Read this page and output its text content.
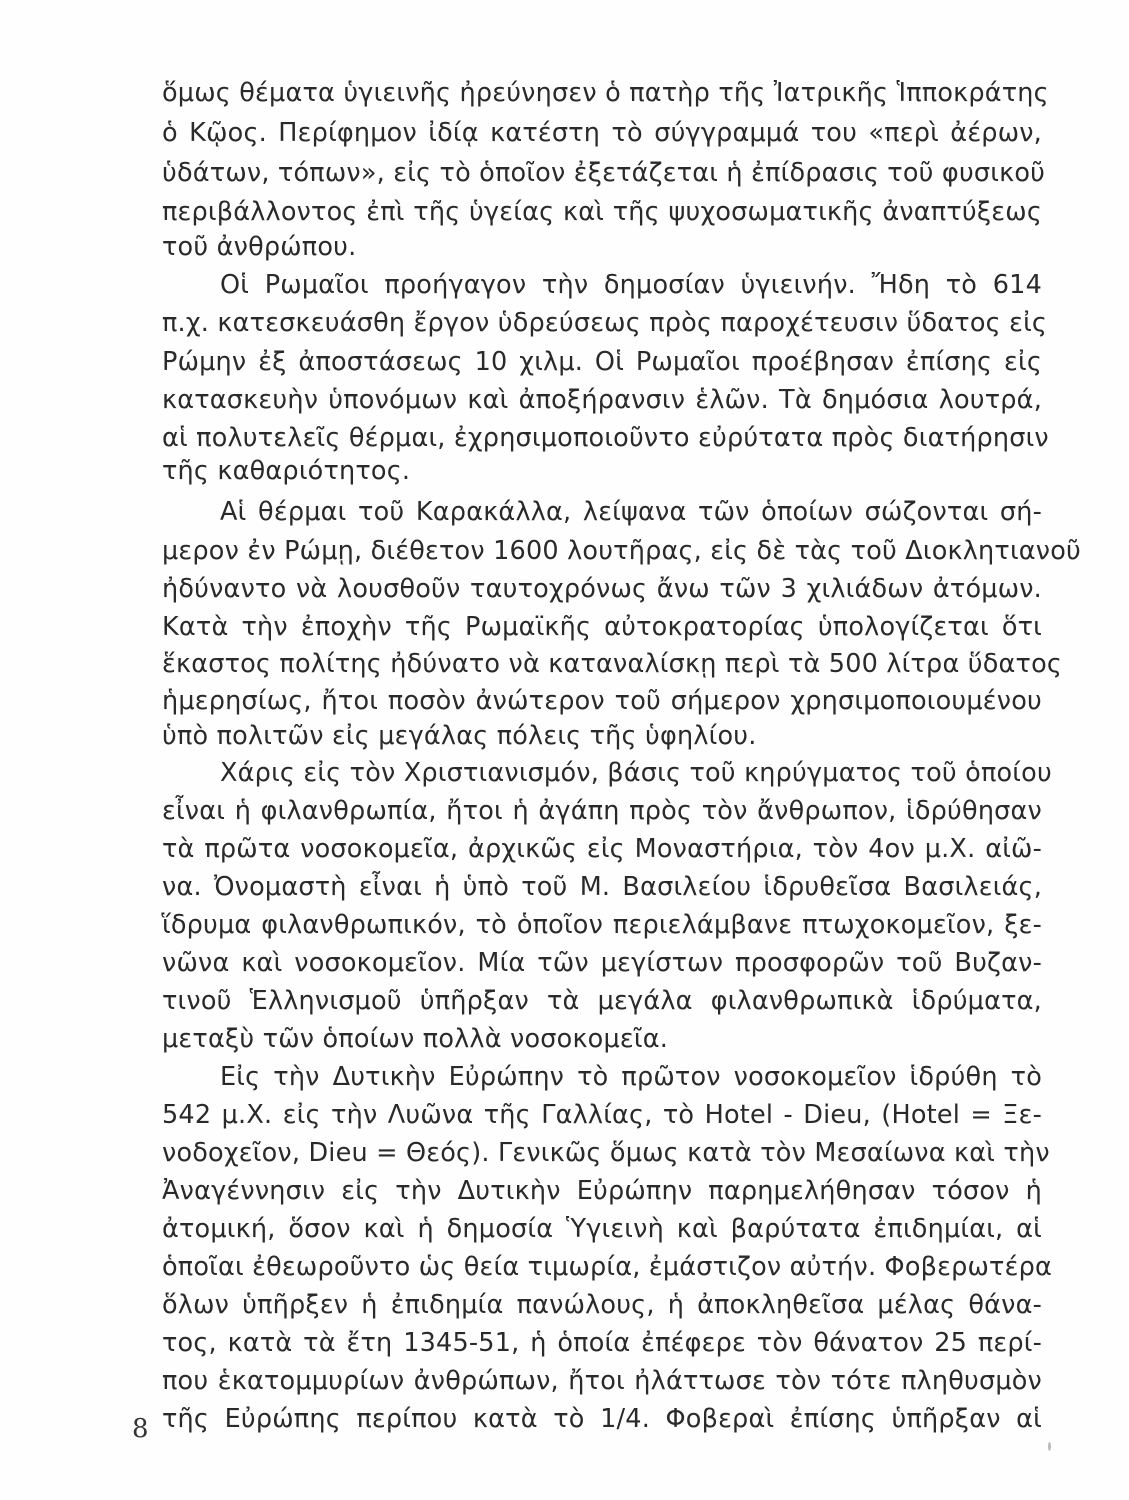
ὅμως θέματα ὑγιεινῆς ἠρεύνησεν ὁ πατὴρ τῆς Ἰατρικῆς Ἱπποκράτης
ὁ Κῷος. Περίφημον ἰδίᾳ κατέστη τὸ σύγγραμμά του «περὶ ἀέρων,
ὑδάτων, τόπων», εἰς τὸ ὁποῖον ἐξετάζεται ἡ ἐπίδρασις τοῦ φυσικοῦ
περιβάλλοντος ἐπὶ τῆς ὑγείας καὶ τῆς ψυχοσωματικῆς ἀναπτύξεως
τοῦ ἀνθρώπου.
Οἱ Ρωμαῖοι προήγαγον τὴν δημοσίαν ὑγιεινήν. Ἤδη τὸ 614
π.χ. κατεσκευάσθη ἔργον ὑδρεύσεως πρὸς παροχέτευσιν ὕδατος εἰς
Ρώμην ἐξ ἀποστάσεως 10 χιλμ. Οἱ Ρωμαῖοι προέβησαν ἐπίσης εἰς
κατασκευὴν ὑπονόμων καὶ ἀποξήρανσιν ἑλῶν. Τὰ δημόσια λουτρά,
αἱ πολυτελεῖς θέρμαι, ἐχρησιμοποιοῦντο εὐρύτατα πρὸς διατήρησιν
τῆς καθαριότητος.
Αἱ θέρμαι τοῦ Καρακάλλα, λείψανα τῶν ὁποίων σώζονται σή-
μερον ἐν Ρώμῃ, διέθετον 1600 λουτῆρας, εἰς δὲ τὰς τοῦ Διοκλητιανοῦ
ἠδύναντο νὰ λουσθοῦν ταυτοχρόνως ἄνω τῶν 3 χιλιάδων ἀτόμων.
Κατὰ τὴν ἐποχὴν τῆς Ρωμαϊκῆς αὐτοκρατορίας ὑπολογίζεται ὅτι
ἕκαστος πολίτης ἠδύνατο νὰ καταναλίσκῃ περὶ τὰ 500 λίτρα ὕδατος
ἡμερησίως, ἤτοι ποσὸν ἀνώτερον τοῦ σήμερον χρησιμοποιουμένου
ὑπὸ πολιτῶν εἰς μεγάλας πόλεις τῆς ὑφηλίου.
Χάρις εἰς τὸν Χριστιανισμόν, βάσις τοῦ κηρύγματος τοῦ ὁποίου
εἶναι ἡ φιλανθρωπία, ἤτοι ἡ ἀγάπη πρὸς τὸν ἄνθρωπον, ἱδρύθησαν
τὰ πρῶτα νοσοκομεῖα, ἀρχικῶς εἰς Μοναστήρια, τὸν 4ον μ.Χ. αἰῶ-
να. Ὀνομαστὴ εἶναι ἡ ὑπὸ τοῦ Μ. Βασιλείου ἱδρυθεῖσα Βασιλειάς,
ἵδρυμα φιλανθρωπικόν, τὸ ὁποῖον περιελάμβανε πτωχοκομεῖον, ξε-
νῶνα καὶ νοσοκομεῖον. Μία τῶν μεγίστων προσφορῶν τοῦ Βυζαν-
τινοῦ Ἑλληνισμοῦ ὑπῆρξαν τὰ μεγάλα φιλανθρωπικὰ ἱδρύματα,
μεταξὺ τῶν ὁποίων πολλὰ νοσοκομεῖα.
Εἰς τὴν Δυτικὴν Εὐρώπην τὸ πρῶτον νοσοκομεῖον ἱδρύθη τὸ
542 μ.Χ. εἰς τὴν Λυῶνα τῆς Γαλλίας, τὸ Hotel - Dieu, (Hotel = Ξε-
νοδοχεῖον, Dieu = Θεός). Γενικῶς ὅμως κατὰ τὸν Μεσαίωνα καὶ τὴν
Ἀναγέννησιν εἰς τὴν Δυτικὴν Εὐρώπην παρημελήθησαν τόσον ἡ
ἀτομική, ὅσον καὶ ἡ δημοσία Ὑγιεινὴ καὶ βαρύτατα ἐπιδημίαι, αἱ
ὁποῖαι ἐθεωροῦντο ὡς θεία τιμωρία, ἐμάστιζον αὐτήν. Φοβερωτέρα
ὅλων ὑπῆρξεν ἡ ἐπιδημία πανώλους, ἡ ἀποκληθεῖσα μέλας θάνα-
τος, κατὰ τὰ ἔτη 1345-51, ἡ ὁποία ἐπέφερε τὸν θάνατον 25 περί-
που ἑκατομμυρίων ἀνθρώπων, ἤτοι ἠλάττωσε τὸν τότε πληθυσμὸν
τῆς Εὐρώπης περίπου κατὰ τὸ 1/4. Φοβεραὶ ἐπίσης ὑπῆρξαν αἱ
8
